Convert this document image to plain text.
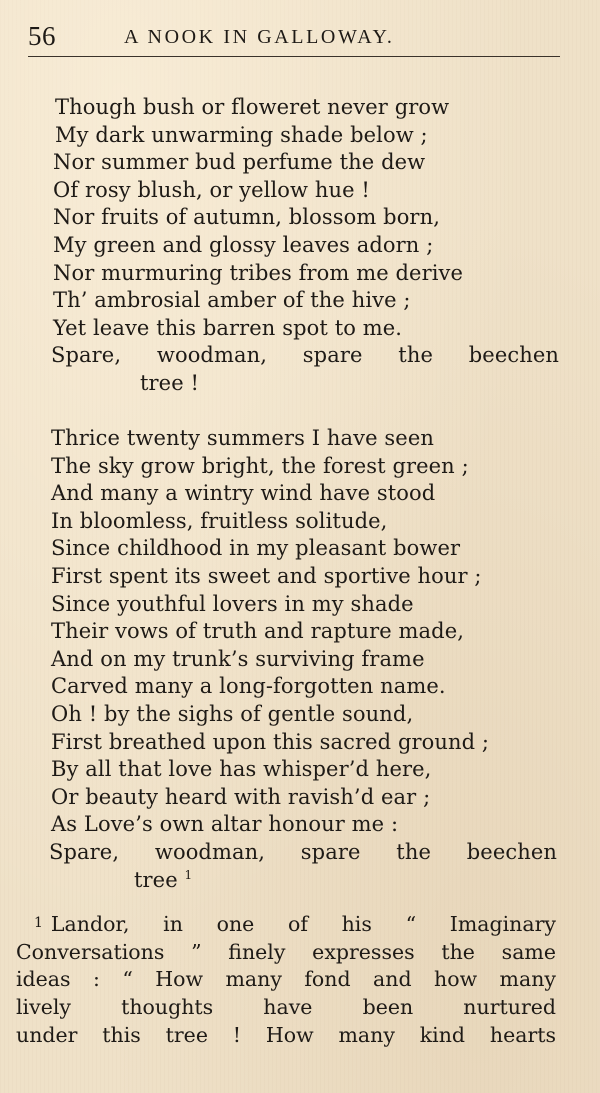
56	A NOOK IN GALLOWAY.
Though bush or floweret never grow
My dark unwarming shade below ;
Nor summer bud perfume the dew
Of rosy blush, or yellow hue !
Nor fruits of autumn, blossom born,
My green and glossy leaves adorn ;
Nor murmuring tribes from me derive
Th’ ambrosial amber of the hive ;
Yet leave this barren spot to me.
Spare, woodman, spare the beechen
tree !
Thrice twenty summers I have seen
The sky grow bright, the forest green ;
And many a wintry wind have stood
In bloomless, fruitless solitude,
Since childhood in my pleasant bower
First spent its sweet and sportive hour ;
Since youthful lovers in my shade
Their vows of truth and rapture made,
And on my trunk’s surviving frame
Carved many a long-forgotten name.
Oh ! by the sighs of gentle sound,
First breathed upon this sacred ground ;
By all that love has whisper’d here,
Or beauty heard with ravish’d ear ;
As Love’s own altar honour me :
Spare, woodman, spare the beechen
tree $^1$
1 Landor, in one of his “ Imaginary
Conversations ” finely expresses the same
ideas : “ How many fond and how many
lively thoughts have been nurtured
under this tree ! How many kind hearts
